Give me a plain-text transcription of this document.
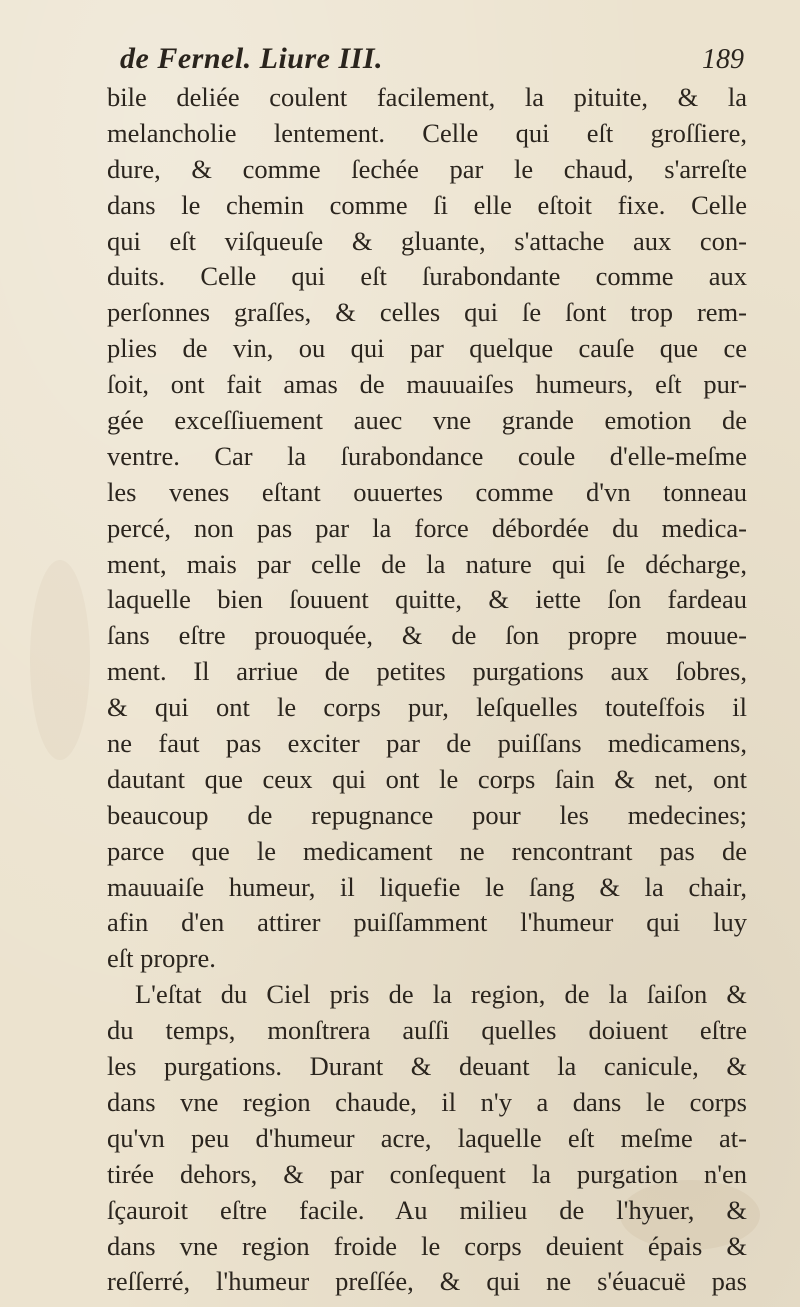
de Fernel. Liure III.	189
bile deliée coulent facilement, la pituite, & la
melancholie lentement. Celle qui eſt groſſiere,
dure, & comme ſechée par le chaud, s'arreſte
dans le chemin comme ſi elle eſtoit fixe. Celle
qui eſt viſqueuſe & gluante, s'attache aux con-
duits. Celle qui eſt ſurabondante comme aux
perſonnes graſſes, & celles qui ſe ſont trop rem-
plies de vin, ou qui par quelque cauſe que ce
ſoit, ont fait amas de mauuaiſes humeurs, eſt pur-
gée exceſſiuement auec vne grande emotion de
ventre. Car la ſurabondance coule d'elle-meſme
les venes eſtant ouuertes comme d'vn tonneau
percé, non pas par la force débordée du medica-
ment, mais par celle de la nature qui ſe décharge,
laquelle bien ſouuent quitte, & iette ſon fardeau
ſans eſtre prouoquée, & de ſon propre mouue-
ment. Il arriue de petites purgations aux ſobres,
& qui ont le corps pur, leſquelles touteſfois il
ne faut pas exciter par de puiſſans medicamens,
dautant que ceux qui ont le corps ſain & net, ont
beaucoup de repugnance pour les medecines;
parce que le medicament ne rencontrant pas de
mauuaiſe humeur, il liquefie le ſang & la chair,
afin d'en attirer puiſſamment l'humeur qui luy
eſt propre.
L'eſtat du Ciel pris de la region, de la ſaiſon &
du temps, monſtrera auſſi quelles doiuent eſtre
les purgations. Durant & deuant la canicule, &
dans vne region chaude, il n'y a dans le corps
qu'vn peu d'humeur acre, laquelle eſt meſme at-
tirée dehors, & par conſequent la purgation n'en
ſçauroit eſtre facile. Au milieu de l'hyuer, &
dans vne region froide le corps deuient épais &
reſſerré, l'humeur preſſée, & qui ne s'éuacuë pas
